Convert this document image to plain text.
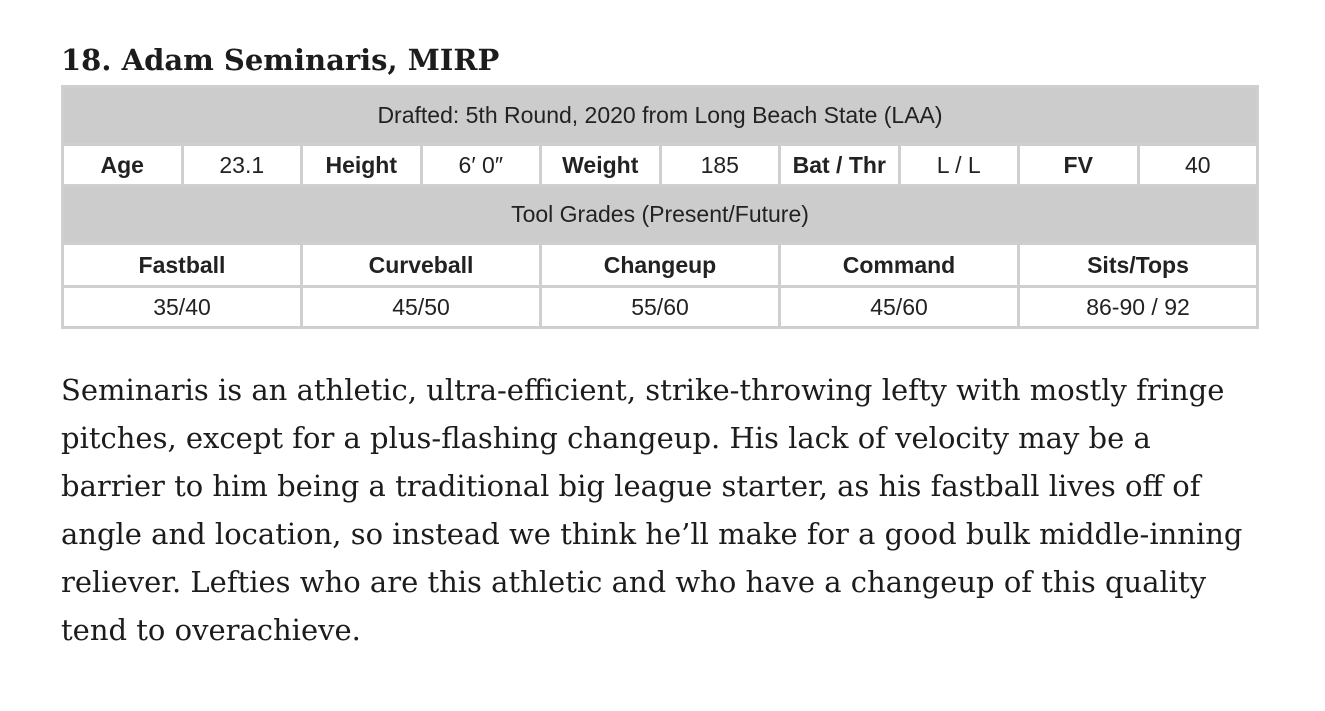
18. Adam Seminaris, MIRP
Drafted: 5th Round, 2020 from Long Beach State (LAA)									
Age	23.1	Height	6′ 0″	Weight	185	Bat / Thr	L / L	FV	40
Tool Grades (Present/Future)									
Fastball		Curveball		Changeup		Command		Sits/Tops	
35/40		45/50		55/60		45/60		86-90 / 92	

Seminaris is an athletic, ultra-efficient, strike-throwing lefty with mostly fringe pitches, except for a plus-flashing changeup. His lack of velocity may be a barrier to him being a traditional big league starter, as his fastball lives off of angle and location, so instead we think he’ll make for a good bulk middle-inning reliever. Lefties who are this athletic and who have a changeup of this quality tend to overachieve.
